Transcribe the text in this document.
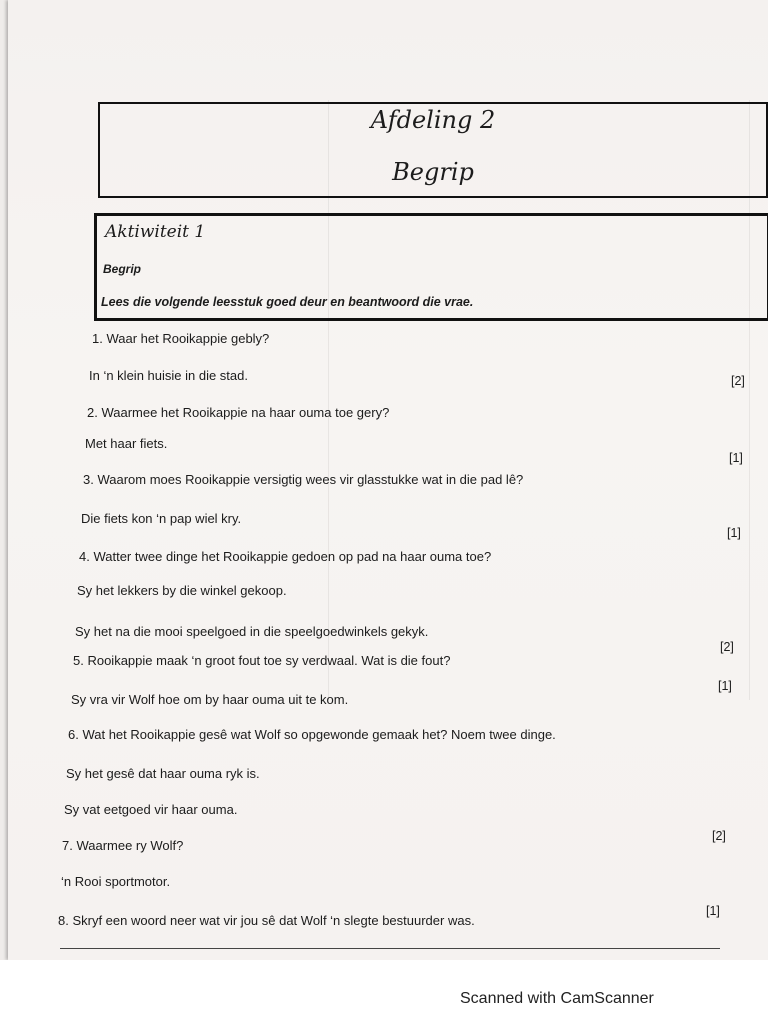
Afdeling 2
Begrip
Aktiwiteit 1
Begrip
Lees die volgende leesstuk goed deur en beantwoord die vrae.
1. Waar het Rooikappie gebly?
In ‘n klein huisie in die stad.
2. Waarmee het Rooikappie na haar ouma toe gery?
Met haar fiets.
3. Waarom moes Rooikappie versigtig wees vir glasstukke wat in die pad lê?
Die fiets kon ‘n pap wiel kry.
4. Watter twee dinge het Rooikappie gedoen op pad na haar ouma toe?
Sy het lekkers by die winkel gekoop.
Sy het na die mooi speelgoed in die speelgoedwinkels gekyk.
5. Rooikappie maak ‘n groot fout toe sy verdwaal. Wat is die fout?
Sy vra vir Wolf hoe om by haar ouma uit te kom.
6. Wat het Rooikappie gesê wat Wolf so opgewonde gemaak het? Noem twee dinge.
Sy het gesê dat haar ouma ryk is.
Sy vat eetgoed vir haar ouma.
7. Waarmee ry Wolf?
‘n Rooi sportmotor.
8. Skryf een woord neer wat vir jou sê dat Wolf ‘n slegte bestuurder was.
[2]
[1]
[1]
[2]
[1]
[2]
[1]
Scanned with CamScanner
